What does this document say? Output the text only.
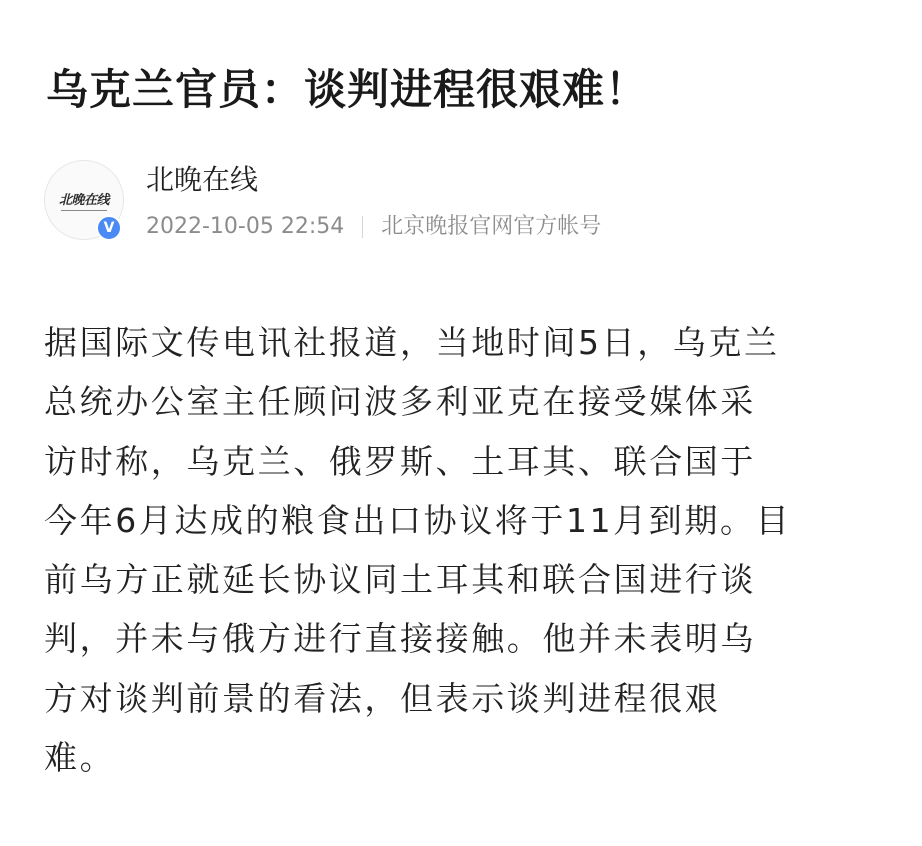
乌克兰官员：谈判进程很艰难！
北晚在线
V
北晚在线
2022-10-05 22:54 北京晚报官网官方帐号
据国际文传电讯社报道，当地时间5日，乌克兰
总统办公室主任顾问波多利亚克在接受媒体采
访时称，乌克兰、俄罗斯、土耳其、联合国于
今年6月达成的粮食出口协议将于11月到期。目
前乌方正就延长协议同土耳其和联合国进行谈
判，并未与俄方进行直接接触。他并未表明乌
方对谈判前景的看法，但表示谈判进程很艰
难。
